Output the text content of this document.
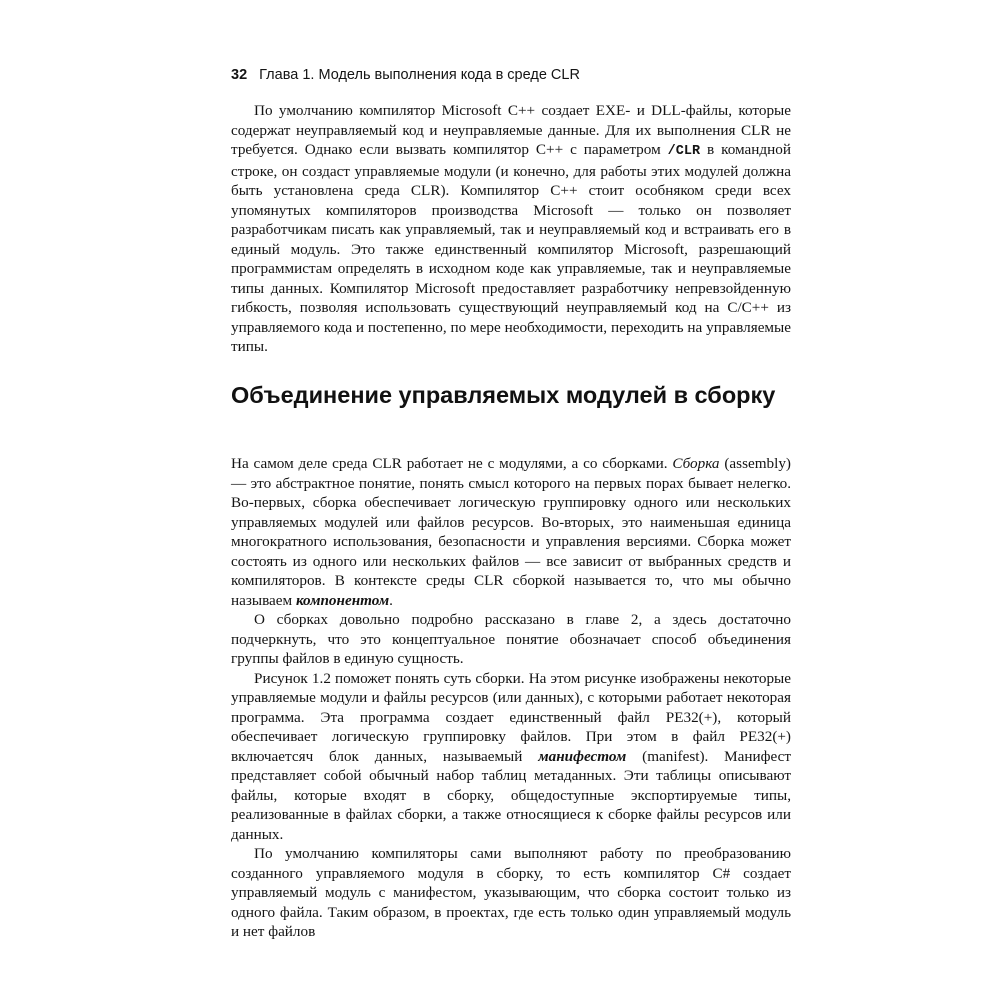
32 Глава 1. Модель выполнения кода в среде CLR

По умолчанию компилятор Microsoft C++ создает EXE- и DLL-файлы, которые содержат неуправляемый код и неуправляемые данные. Для их выполнения CLR не требуется. Однако если вызвать компилятор C++ с параметром /CLR в командной строке, он создаст управляемые модули (и конечно, для работы этих модулей должна быть установлена среда CLR). Компилятор C++ стоит особняком среди всех упомянутых компиляторов производства Microsoft — только он позволяет разработчикам писать как управляемый, так и неуправляемый код и встраивать его в единый модуль. Это также единственный компилятор Microsoft, разрешающий программистам определять в исходном коде как управляемые, так и неуправляемые типы данных. Компилятор Microsoft предоставляет разработчику непревзойденную гибкость, позволяя использовать существующий неуправляемый код на C/C++ из управляемого кода и постепенно, по мере необходимости, переходить на управляемые типы.

Объединение управляемых модулей в сборку

На самом деле среда CLR работает не с модулями, а со сборками. Сборка (assembly) — это абстрактное понятие, понять смысл которого на первых порах бывает нелегко. Во-первых, сборка обеспечивает логическую группировку одного или нескольких управляемых модулей или файлов ресурсов. Во-вторых, это наименьшая единица многократного использования, безопасности и управления версиями. Сборка может состоять из одного или нескольких файлов — все зависит от выбранных средств и компиляторов. В контексте среды CLR сборкой называется то, что мы обычно называем компонентом.

О сборках довольно подробно рассказано в главе 2, а здесь достаточно подчеркнуть, что это концептуальное понятие обозначает способ объединения группы файлов в единую сущность.

Рисунок 1.2 поможет понять суть сборки. На этом рисунке изображены некоторые управляемые модули и файлы ресурсов (или данных), с которыми работает некоторая программа. Эта программа создает единственный файл PE32(+), который обеспечивает логическую группировку файлов. При этом в файл PE32(+) включаетсяч блок данных, называемый манифестом (manifest). Манифест представляет собой обычный набор таблиц метаданных. Эти таблицы описывают файлы, которые входят в сборку, общедоступные экспортируемые типы, реализованные в файлах сборки, а также относящиеся к сборке файлы ресурсов или данных.

По умолчанию компиляторы сами выполняют работу по преобразованию созданного управляемого модуля в сборку, то есть компилятор C# создает управляемый модуль с манифестом, указывающим, что сборка состоит только из одного файла. Таким образом, в проектах, где есть только один управляемый модуль и нет файлов
